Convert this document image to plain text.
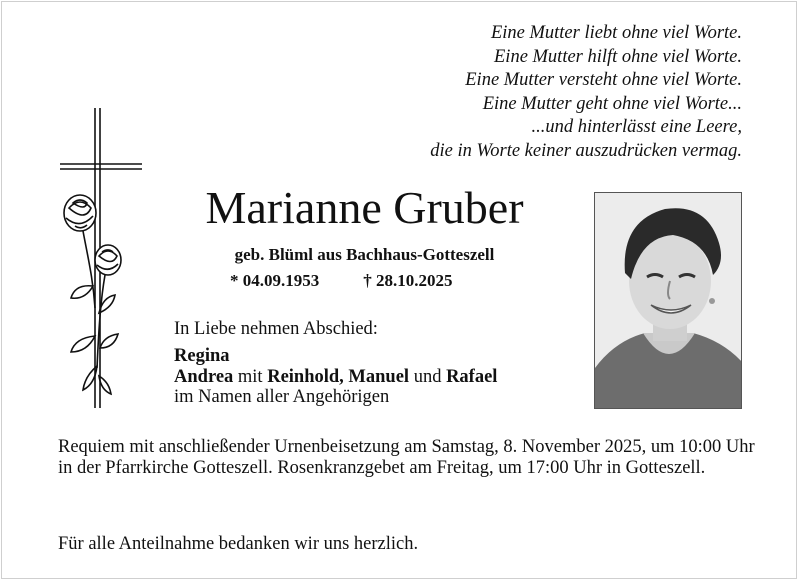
Eine Mutter liebt ohne viel Worte.
Eine Mutter hilft ohne viel Worte.
Eine Mutter versteht ohne viel Worte.
Eine Mutter geht ohne viel Worte...
...und hinterlässt eine Leere,
die in Worte keiner auszudrücken vermag.
Marianne Gruber
geb. Blüml aus Bachhaus-Gotteszell
* 04.09.1953	† 28.10.2025
In Liebe nehmen Abschied:
Regina
Andrea mit Reinhold, Manuel und Rafael
im Namen aller Angehörigen
Requiem mit anschließender Urnenbeisetzung am Samstag, 8. November 2025, um 10:00 Uhr in der Pfarrkirche Gotteszell. Rosenkranzgebet am Freitag, um 17:00 Uhr in Gotteszell.
Für alle Anteilnahme bedanken wir uns herzlich.
